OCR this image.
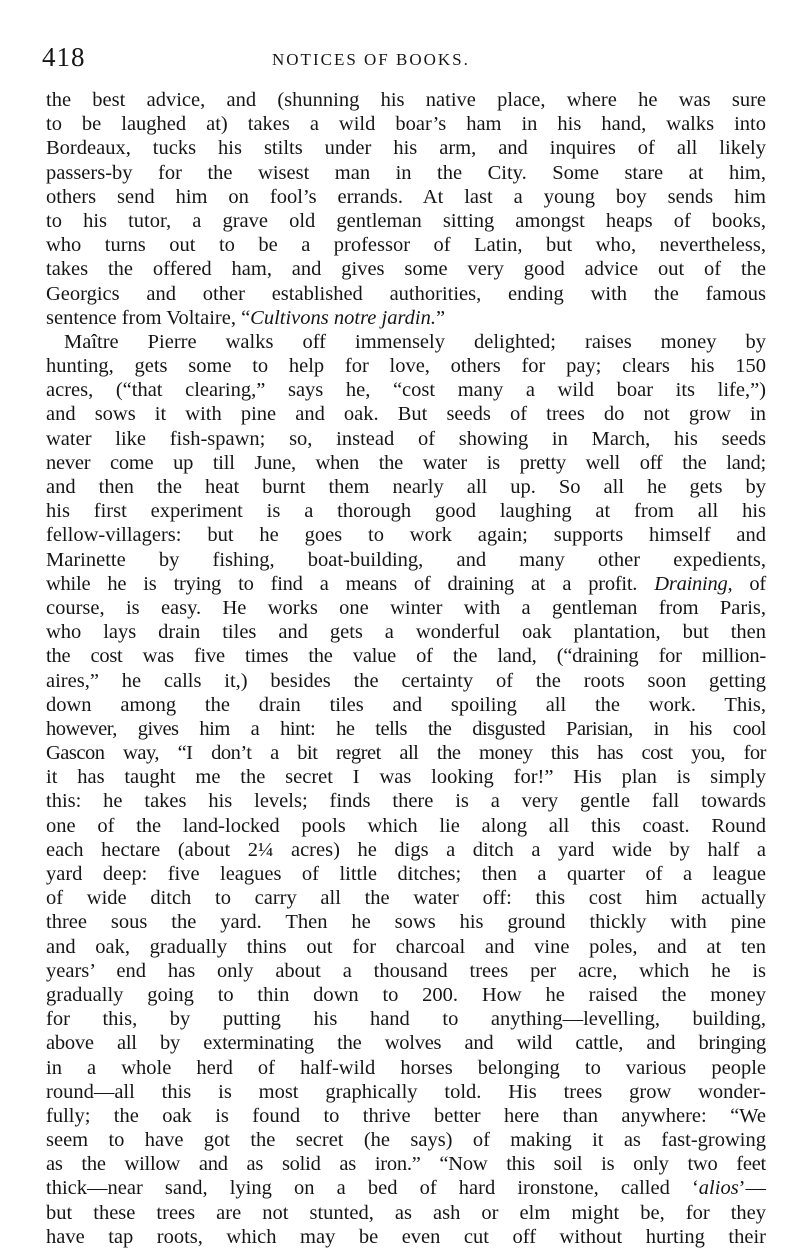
418	NOTICES OF BOOKS.
the best advice, and (shunning his native place, where he was sure
to be laughed at) takes a wild boar’s ham in his hand, walks into
Bordeaux, tucks his stilts under his arm, and inquires of all likely
passers-by for the wisest man in the City. Some stare at him,
others send him on fool’s errands. At last a young boy sends him
to his tutor, a grave old gentleman sitting amongst heaps of books,
who turns out to be a professor of Latin, but who, nevertheless,
takes the offered ham, and gives some very good advice out of the
Georgics and other established authorities, ending with the famous
sentence from Voltaire, “Cultivons notre jardin.”
Maître Pierre walks off immensely delighted; raises money by
hunting, gets some to help for love, others for pay; clears his 150
acres, (“that clearing,” says he, “cost many a wild boar its life,”)
and sows it with pine and oak. But seeds of trees do not grow in
water like fish-spawn; so, instead of showing in March, his seeds
never come up till June, when the water is pretty well off the land;
and then the heat burnt them nearly all up. So all he gets by
his first experiment is a thorough good laughing at from all his
fellow-villagers: but he goes to work again; supports himself and
Marinette by fishing, boat-building, and many other expedients,
while he is trying to find a means of draining at a profit. Draining, of
course, is easy. He works one winter with a gentleman from Paris,
who lays drain tiles and gets a wonderful oak plantation, but then
the cost was five times the value of the land, (“draining for million-
aires,” he calls it,) besides the certainty of the roots soon getting
down among the drain tiles and spoiling all the work. This,
however, gives him a hint: he tells the disgusted Parisian, in his cool
Gascon way, “I don’t a bit regret all the money this has cost you, for
it has taught me the secret I was looking for!” His plan is simply
this: he takes his levels; finds there is a very gentle fall towards
one of the land-locked pools which lie along all this coast. Round
each hectare (about 2¼ acres) he digs a ditch a yard wide by half a
yard deep: five leagues of little ditches; then a quarter of a league
of wide ditch to carry all the water off: this cost him actually
three sous the yard. Then he sows his ground thickly with pine
and oak, gradually thins out for charcoal and vine poles, and at ten
years’ end has only about a thousand trees per acre, which he is
gradually going to thin down to 200. How he raised the money
for this, by putting his hand to anything—levelling, building,
above all by exterminating the wolves and wild cattle, and bringing
in a whole herd of half-wild horses belonging to various people
round—all this is most graphically told. His trees grow wonder-
fully; the oak is found to thrive better here than anywhere: “We
seem to have got the secret (he says) of making it as fast-growing
as the willow and as solid as iron.” “Now this soil is only two feet
thick—near sand, lying on a bed of hard ironstone, called ‘alios’—
but these trees are not stunted, as ash or elm might be, for they
have tap roots, which may be even cut off without hurting their
